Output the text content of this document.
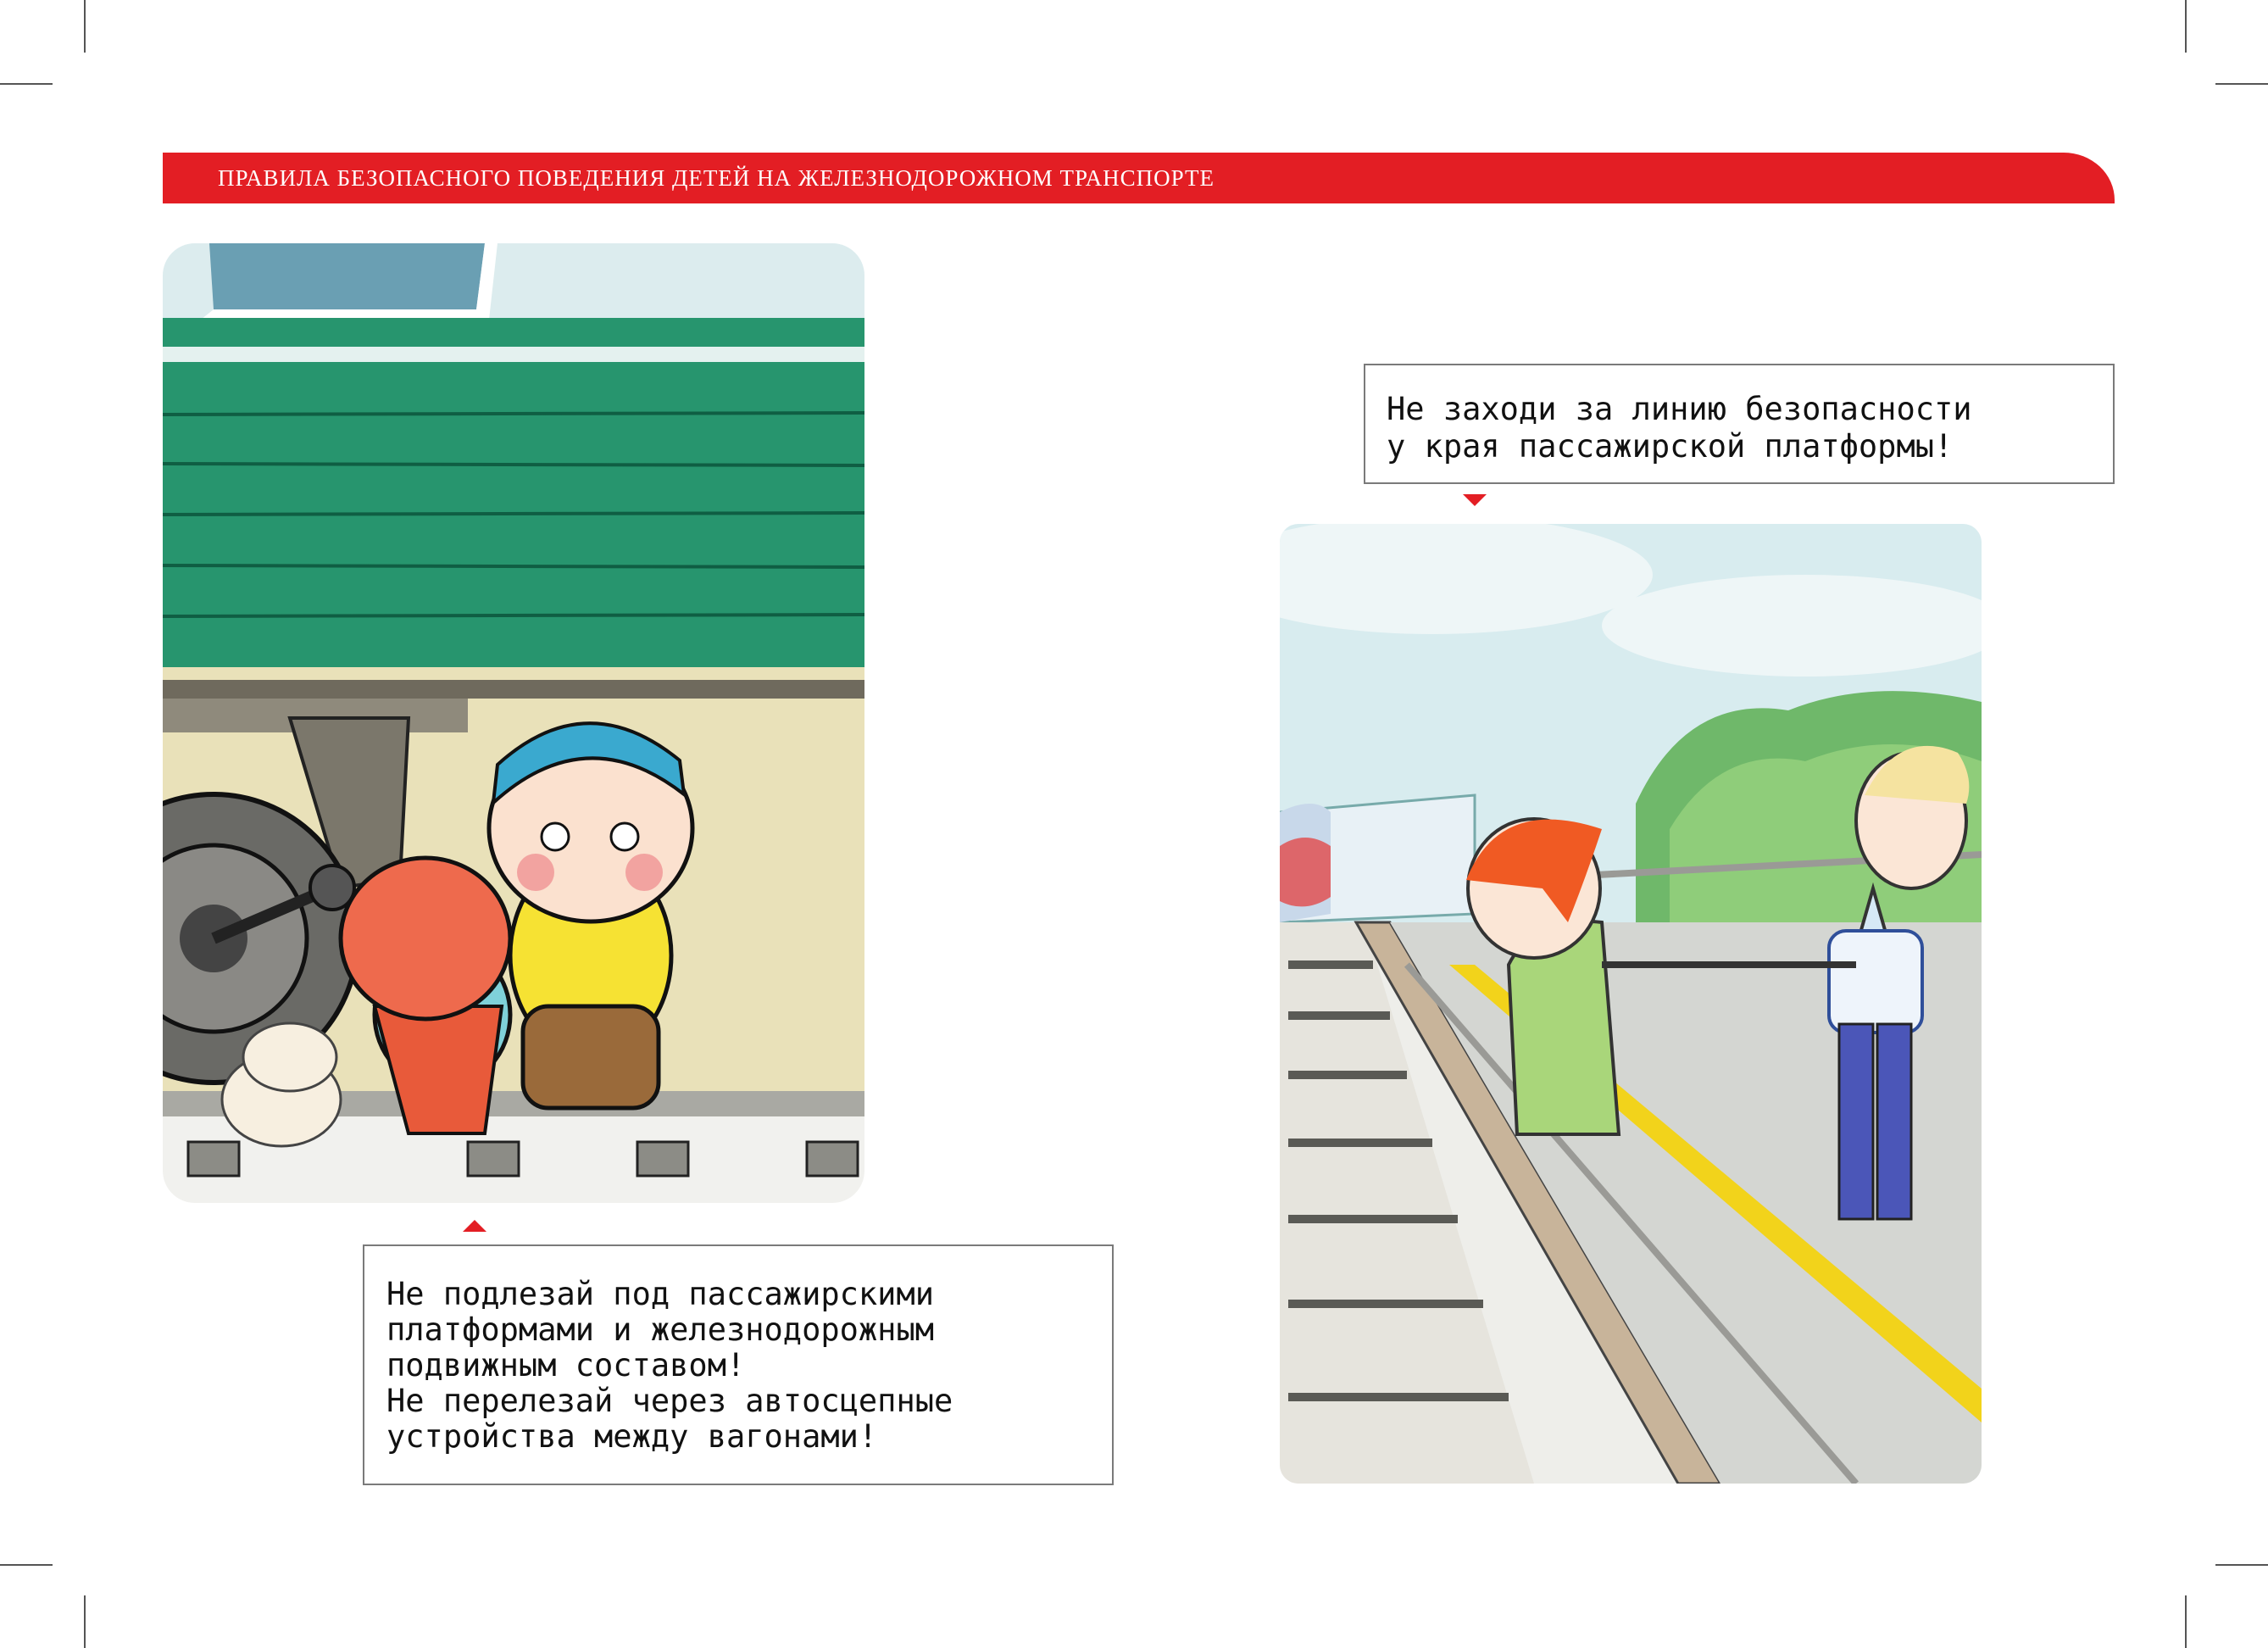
ПРАВИЛА БЕЗОПАСНОГО ПОВЕДЕНИЯ ДЕТЕЙ НА ЖЕЛЕЗНОДОРОЖНОМ ТРАНСПОРТЕ

Не заходи за линию безопасности

у края пассажирской платформы!

Не подлезай под пассажирскими

платформами и железнодорожным

подвижным составом!

Не перелезай через автосцепные

устройства между вагонами!
